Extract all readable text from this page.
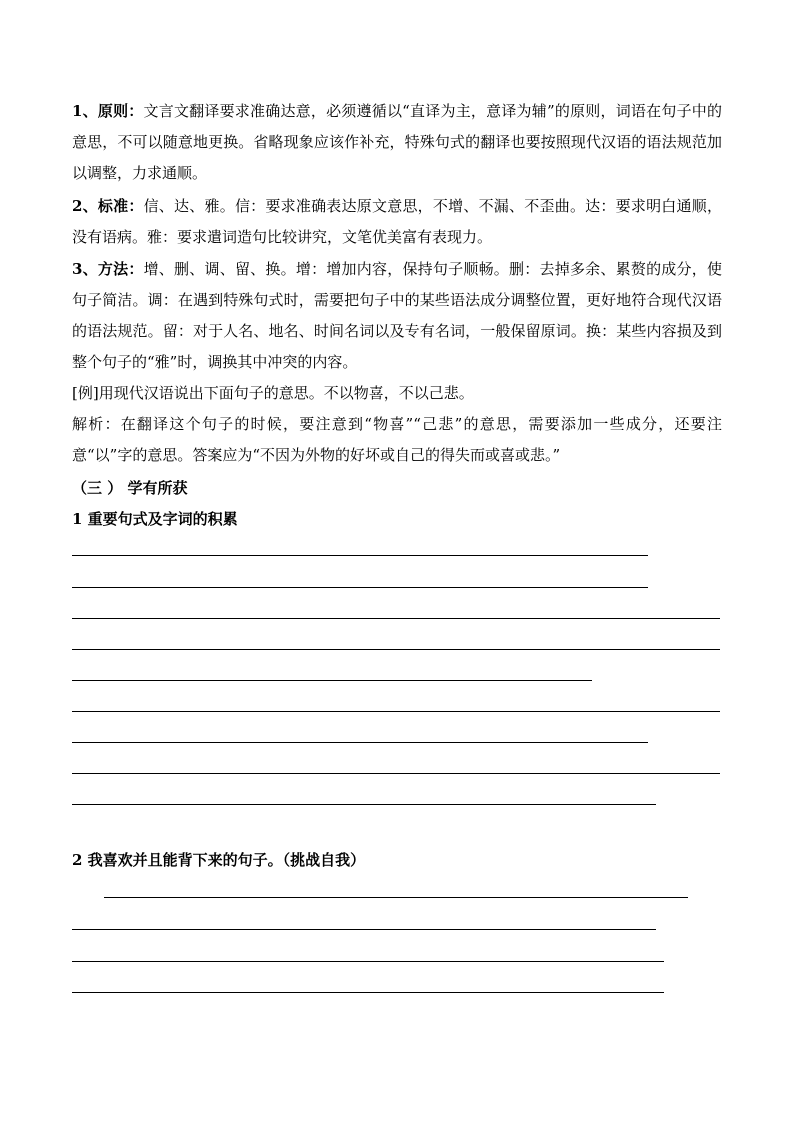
1、原则：文言文翻译要求准确达意，必须遵循以“直译为主，意译为辅”的原则，词语在句子中的意思，不可以随意地更换。省略现象应该作补充，特殊句式的翻译也要按照现代汉语的语法规范加以调整，力求通顺。

2、标准：信、达、雅。信：要求准确表达原文意思，不增、不漏、不歪曲。达：要求明白通顺，没有语病。雅：要求遣词造句比较讲究，文笔优美富有表现力。

3、方法：增、删、调、留、换。增：增加内容，保持句子顺畅。删：去掉多余、累赘的成分，使句子简洁。调：在遇到特殊句式时，需要把句子中的某些语法成分调整位置，更好地符合现代汉语的语法规范。留：对于人名、地名、时间名词以及专有名词，一般保留原词。换：某些内容损及到整个句子的“雅”时，调换其中冲突的内容。

[例]用现代汉语说出下面句子的意思。不以物喜，不以己悲。

解析：在翻译这个句子的时候，要注意到“物喜”“己悲”的意思，需要添加一些成分，还要注意“以”字的意思。答案应为“不因为外物的好坏或自己的得失而或喜或悲。”

（三 ） 学有所获

1 重要句式及字词的积累

2 我喜欢并且能背下来的句子。（挑战自我）
